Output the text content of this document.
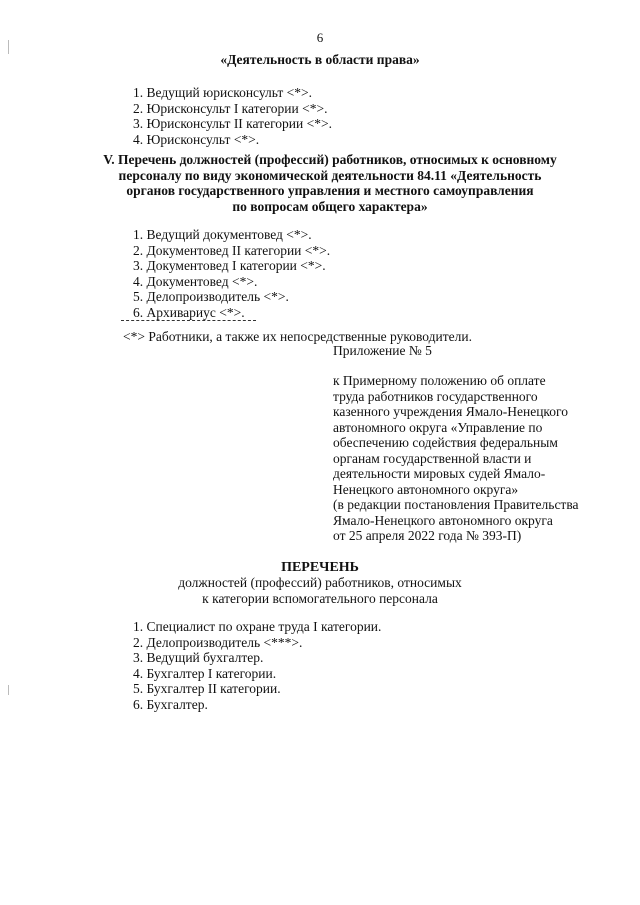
6
«Деятельность в области права»
1. Ведущий юрисконсульт <*>.
2. Юрисконсульт I категории <*>.
3. Юрисконсульт II категории <*>.
4. Юрисконсульт <*>.
V. Перечень должностей (профессий) работников, относимых к основному
персоналу по виду экономической деятельности 84.11 «Деятельность
органов государственного управления и местного самоуправления
по вопросам общего характера»
1. Ведущий документовед <*>.
2. Документовед II категории <*>.
3. Документовед I категории <*>.
4. Документовед <*>.
5. Делопроизводитель <*>.
6. Архивариус <*>.
<*> Работники, а также их непосредственные руководители.
Приложение № 5
к Примерному положению об оплате
труда работников государственного
казенного учреждения Ямало-Ненецкого
автономного округа «Управление по
обеспечению содействия федеральным
органам государственной власти и
деятельности мировых судей Ямало-
Ненецкого автономного округа»
(в редакции постановления Правительства
Ямало-Ненецкого автономного округа
от 25 апреля 2022 года № 393-П)
ПЕРЕЧЕНЬ
должностей (профессий) работников, относимых
к категории вспомогательного персонала
1. Специалист по охране труда I категории.
2. Делопроизводитель <***>.
3. Ведущий бухгалтер.
4. Бухгалтер I категории.
5. Бухгалтер II категории.
6. Бухгалтер.
